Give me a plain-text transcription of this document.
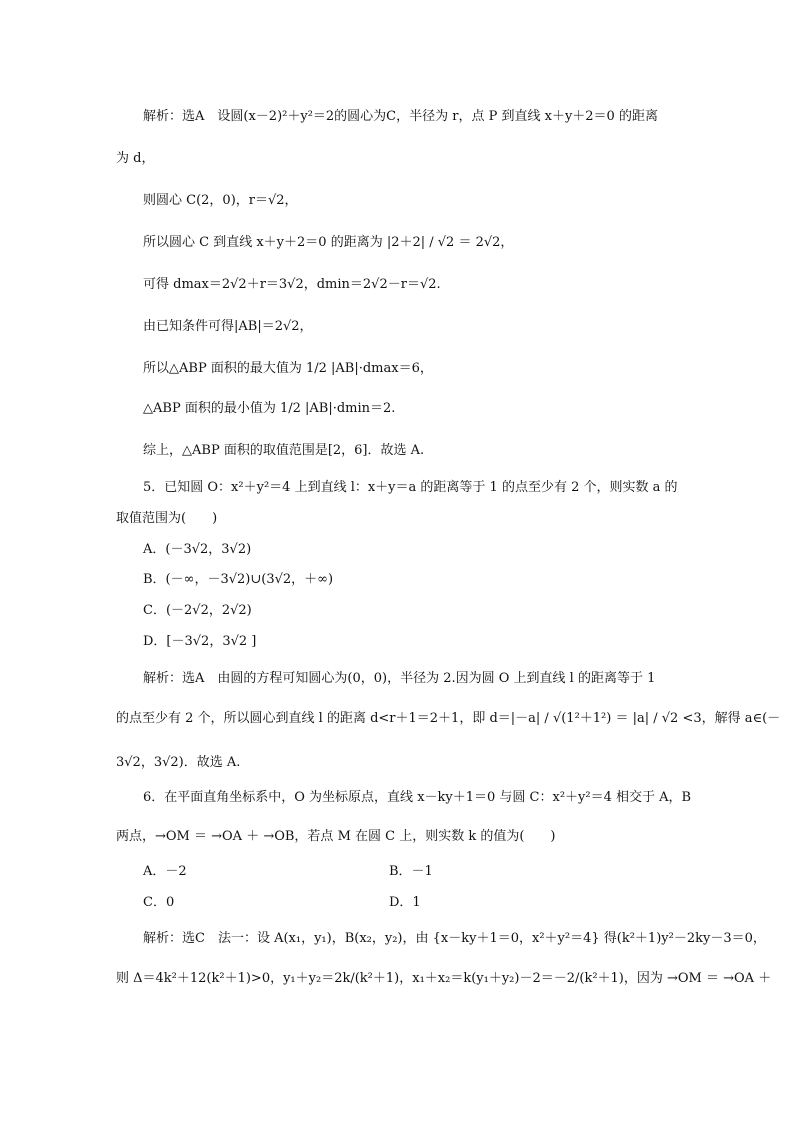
解析：选A　设圆(x－2)²＋y²＝2的圆心为C，半径为 r，点 P 到直线 x＋y＋2＝0 的距离
为 d，
则圆心 C(2，0)，r＝√2，
所以圆心 C 到直线 x＋y＋2＝0 的距离为 |2＋2| / √2 ＝ 2√2，
可得 dmax＝2√2＋r＝3√2，dmin＝2√2－r＝√2.
由已知条件可得|AB|＝2√2，
所以△ABP 面积的最大值为 1/2 |AB|·dmax＝6，
△ABP 面积的最小值为 1/2 |AB|·dmin＝2.
综上，△ABP 面积的取值范围是[2，6]．故选 A.
5．已知圆 O：x²＋y²＝4 上到直线 l：x＋y＝a 的距离等于 1 的点至少有 2 个，则实数 a 的
取值范围为(　　)
A．(－3√2，3√2)
B．(－∞，－3√2)∪(3√2，＋∞)
C．(－2√2，2√2)
D．[－3√2，3√2 ]
解析：选A　由圆的方程可知圆心为(0，0)，半径为 2.因为圆 O 上到直线 l 的距离等于 1
的点至少有 2 个，所以圆心到直线 l 的距离 d<r＋1＝2＋1，即 d＝|－a| / √(1²＋1²) ＝ |a| / √2 <3，解得 a∈(－
3√2，3√2)．故选 A.
6．在平面直角坐标系中，O 为坐标原点，直线 x－ky＋1＝0 与圆 C：x²＋y²＝4 相交于 A，B
两点，→OM ＝ →OA ＋ →OB，若点 M 在圆 C 上，则实数 k 的值为(　　)
A．－2	B．－1
C．0	D．1
解析：选C　法一：设 A(x₁，y₁)，B(x₂，y₂)，由 {x－ky＋1＝0，x²＋y²＝4} 得(k²＋1)y²－2ky－3＝0，
则 Δ＝4k²＋12(k²＋1)>0，y₁＋y₂＝2k/(k²＋1)，x₁＋x₂＝k(y₁＋y₂)－2＝－2/(k²＋1)，因为 →OM ＝ →OA ＋
